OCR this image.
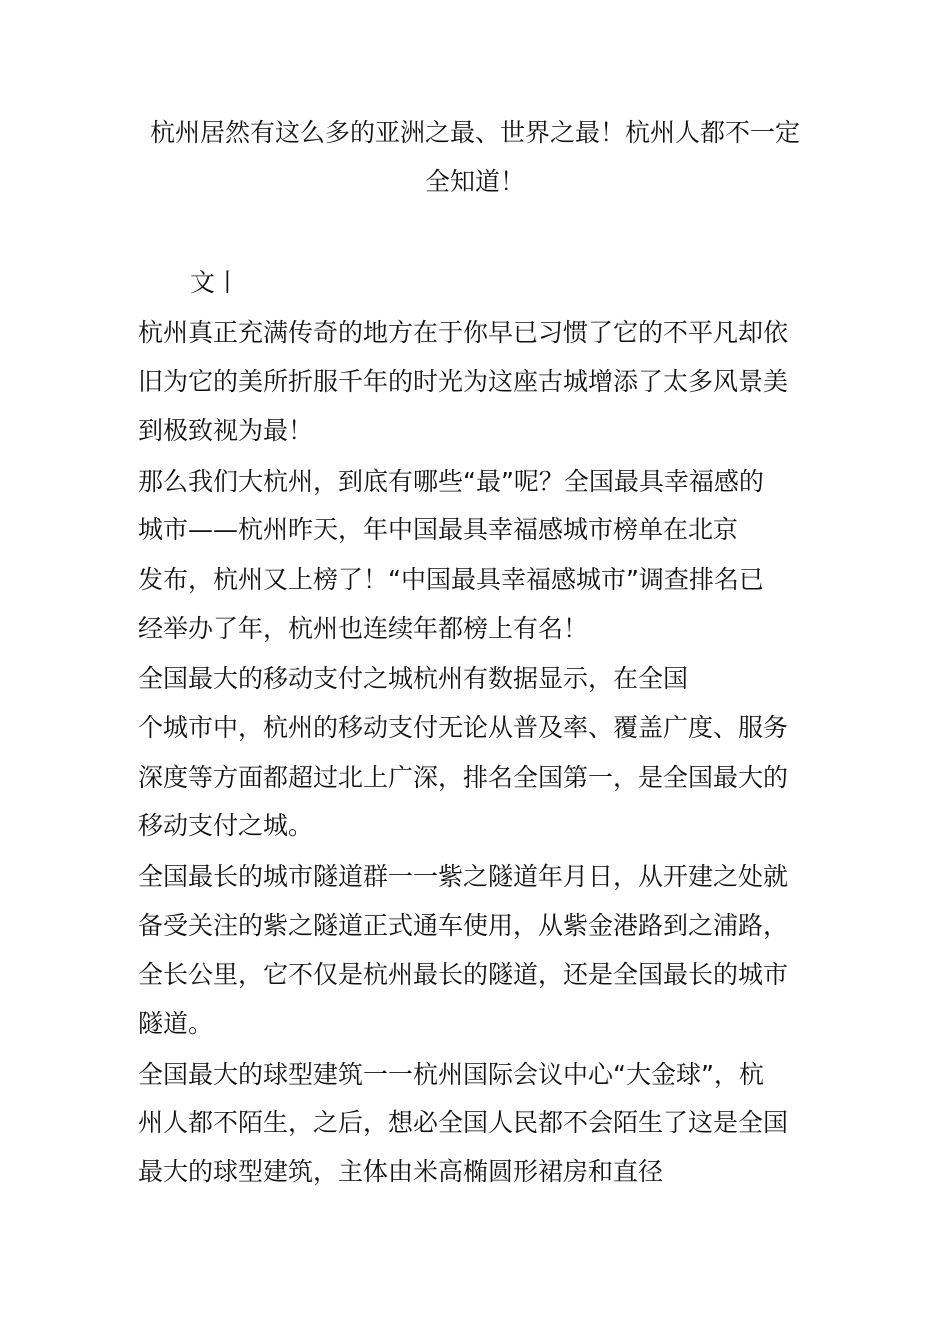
杭州居然有这么多的亚洲之最、世界之最！杭州人都不一定
全知道！
文丨
杭州真正充满传奇的地方在于你早已习惯了它的不平凡却依
旧为它的美所折服千年的时光为这座古城增添了太多风景美
到极致视为最！
那么我们大杭州，到底有哪些“最”呢？全国最具幸福感的
城市——杭州昨天，年中国最具幸福感城市榜单在北京
发布，杭州又上榜了！“中国最具幸福感城市”调查排名已
经举办了年，杭州也连续年都榜上有名！
全国最大的移动支付之城杭州有数据显示，在全国
个城市中，杭州的移动支付无论从普及率、覆盖广度、服务
深度等方面都超过北上广深，排名全国第一，是全国最大的
移动支付之城。
全国最长的城市隧道群一一紫之隧道年月日，从开建之处就
备受关注的紫之隧道正式通车使用，从紫金港路到之浦路，
全长公里，它不仅是杭州最长的隧道，还是全国最长的城市
隧道。
全国最大的球型建筑一一杭州国际会议中心“大金球”，杭
州人都不陌生，之后，想必全国人民都不会陌生了这是全国
最大的球型建筑，主体由米高椭圆形裙房和直径
